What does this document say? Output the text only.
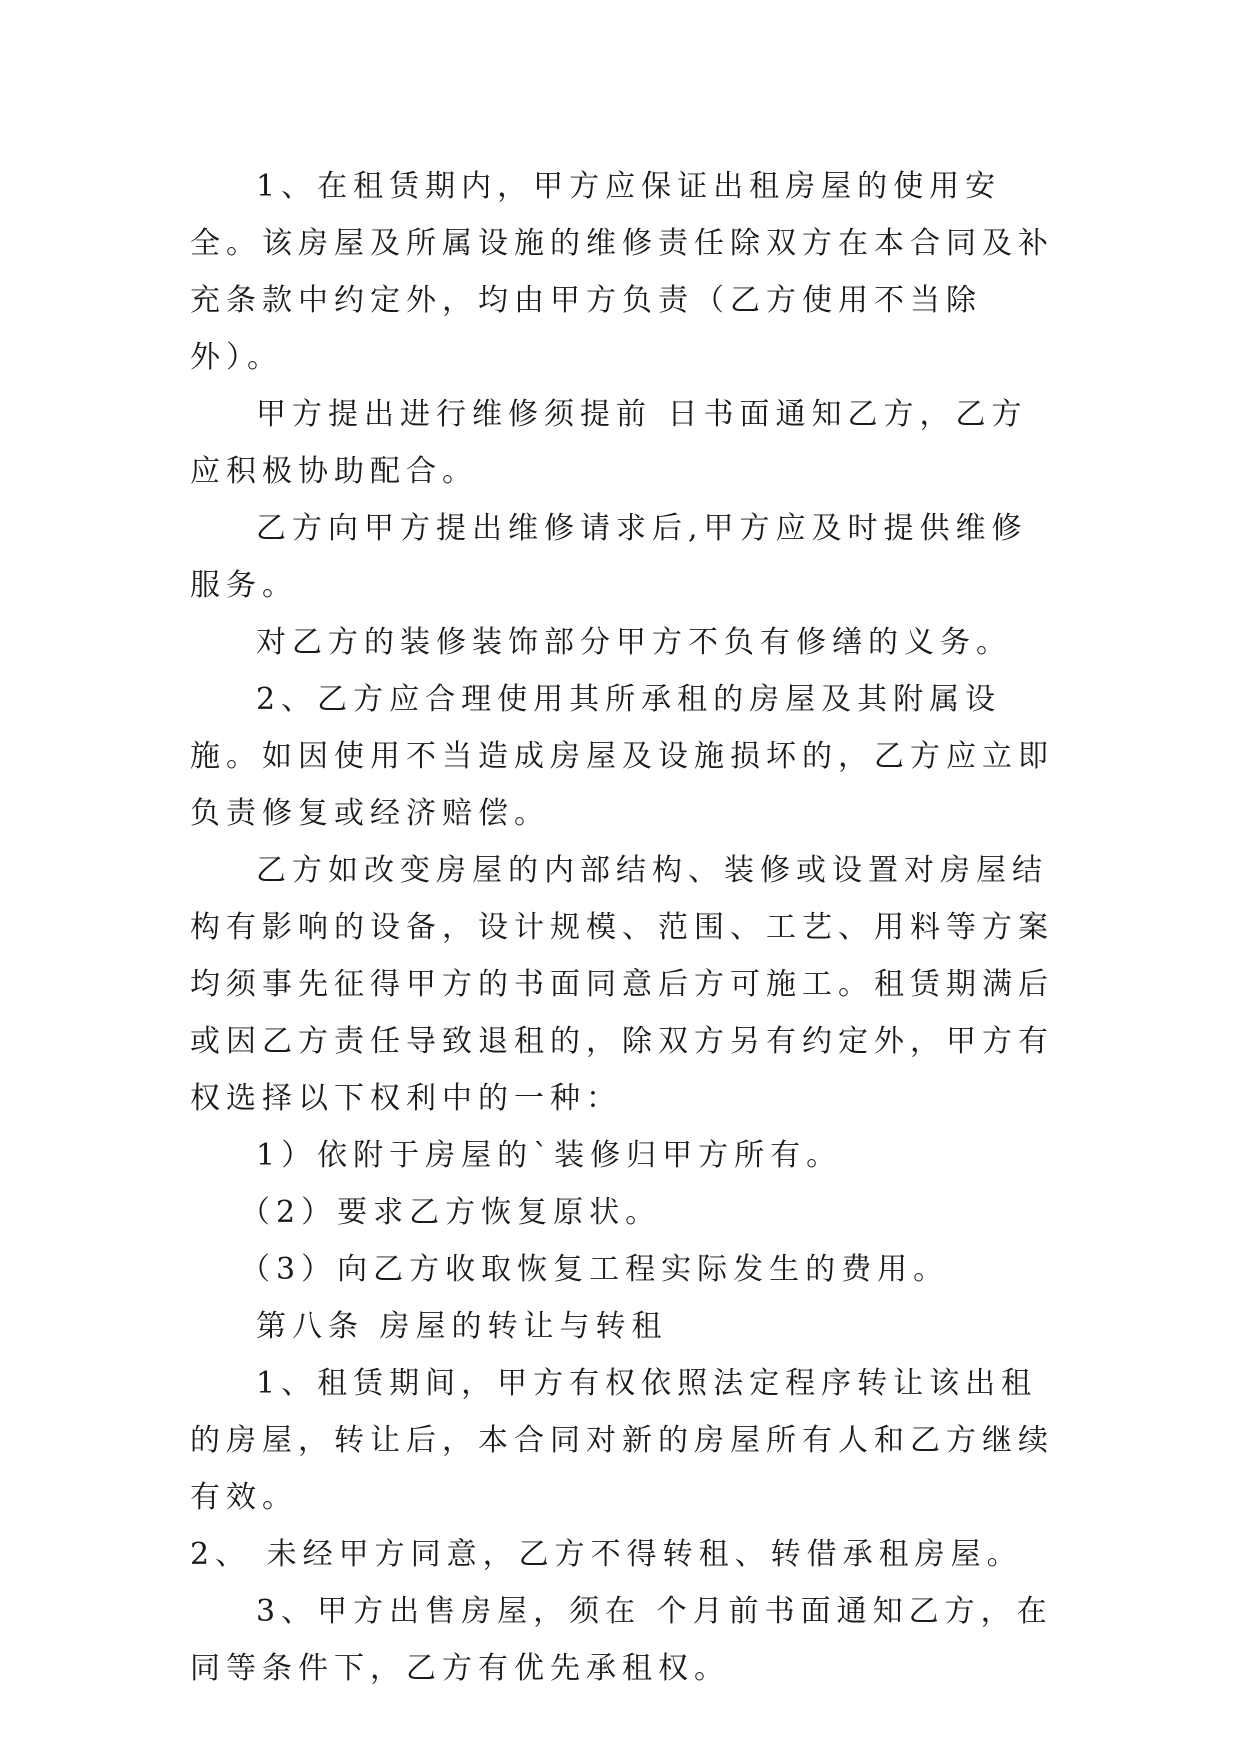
1、在租赁期内，甲方应保证出租房屋的使用安全。该房屋及所属设施的维修责任除双方在本合同及补充条款中约定外，均由甲方负责（乙方使用不当除外）。

甲方提出进行维修须提前 日书面通知乙方，乙方应积极协助配合。

乙方向甲方提出维修请求后,甲方应及时提供维修服务。

对乙方的装修装饰部分甲方不负有修缮的义务。

2、乙方应合理使用其所承租的房屋及其附属设施。如因使用不当造成房屋及设施损坏的，乙方应立即负责修复或经济赔偿。

乙方如改变房屋的内部结构、装修或设置对房屋结构有影响的设备，设计规模、范围、工艺、用料等方案均须事先征得甲方的书面同意后方可施工。租赁期满后或因乙方责任导致退租的，除双方另有约定外，甲方有权选择以下权利中的一种：

1）依附于房屋的`装修归甲方所有。

（2）要求乙方恢复原状。

（3）向乙方收取恢复工程实际发生的费用。

第八条 房屋的转让与转租

1、租赁期间，甲方有权依照法定程序转让该出租的房屋，转让后，本合同对新的房屋所有人和乙方继续有效。

2、 未经甲方同意，乙方不得转租、转借承租房屋。

3、甲方出售房屋，须在 个月前书面通知乙方，在同等条件下，乙方有优先承租权。
